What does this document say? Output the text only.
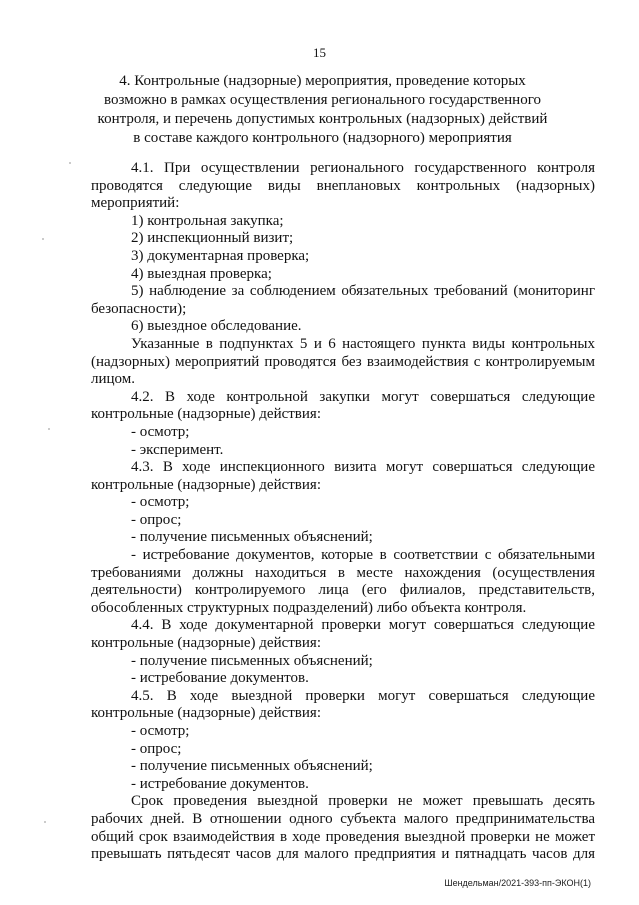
15
4. Контрольные (надзорные) мероприятия, проведение которых
возможно в рамках осуществления регионального государственного
контроля, и перечень допустимых контрольных (надзорных) действий
в составе каждого контрольного (надзорного) мероприятия
4.1. При осуществлении регионального государственного контроля
проводятся следующие виды внеплановых контрольных (надзорных)
мероприятий:
1) контрольная закупка;
2) инспекционный визит;
3) документарная проверка;
4) выездная проверка;
5) наблюдение за соблюдением обязательных требований (мониторинг
безопасности);
6) выездное обследование.
Указанные в подпунктах 5 и 6 настоящего пункта виды контрольных
(надзорных) мероприятий проводятся без взаимодействия с контролируемым
лицом.
4.2. В ходе контрольной закупки могут совершаться следующие
контрольные (надзорные) действия:
- осмотр;
- эксперимент.
4.3. В ходе инспекционного визита могут совершаться следующие
контрольные (надзорные) действия:
- осмотр;
- опрос;
- получение письменных объяснений;
- истребование документов, которые в соответствии с обязательными
требованиями должны находиться в месте нахождения (осуществления
деятельности) контролируемого лица (его филиалов, представительств,
обособленных структурных подразделений) либо объекта контроля.
4.4. В ходе документарной проверки могут совершаться следующие
контрольные (надзорные) действия:
- получение письменных объяснений;
- истребование документов.
4.5. В ходе выездной проверки могут совершаться следующие
контрольные (надзорные) действия:
- осмотр;
- опрос;
- получение письменных объяснений;
- истребование документов.
Срок проведения выездной проверки не может превышать десять
рабочих дней. В отношении одного субъекта малого предпринимательства
общий срок взаимодействия в ходе проведения выездной проверки не может
превышать пятьдесят часов для малого предприятия и пятнадцать часов для
Шендельман/2021-393-пп-ЭКОН(1)
